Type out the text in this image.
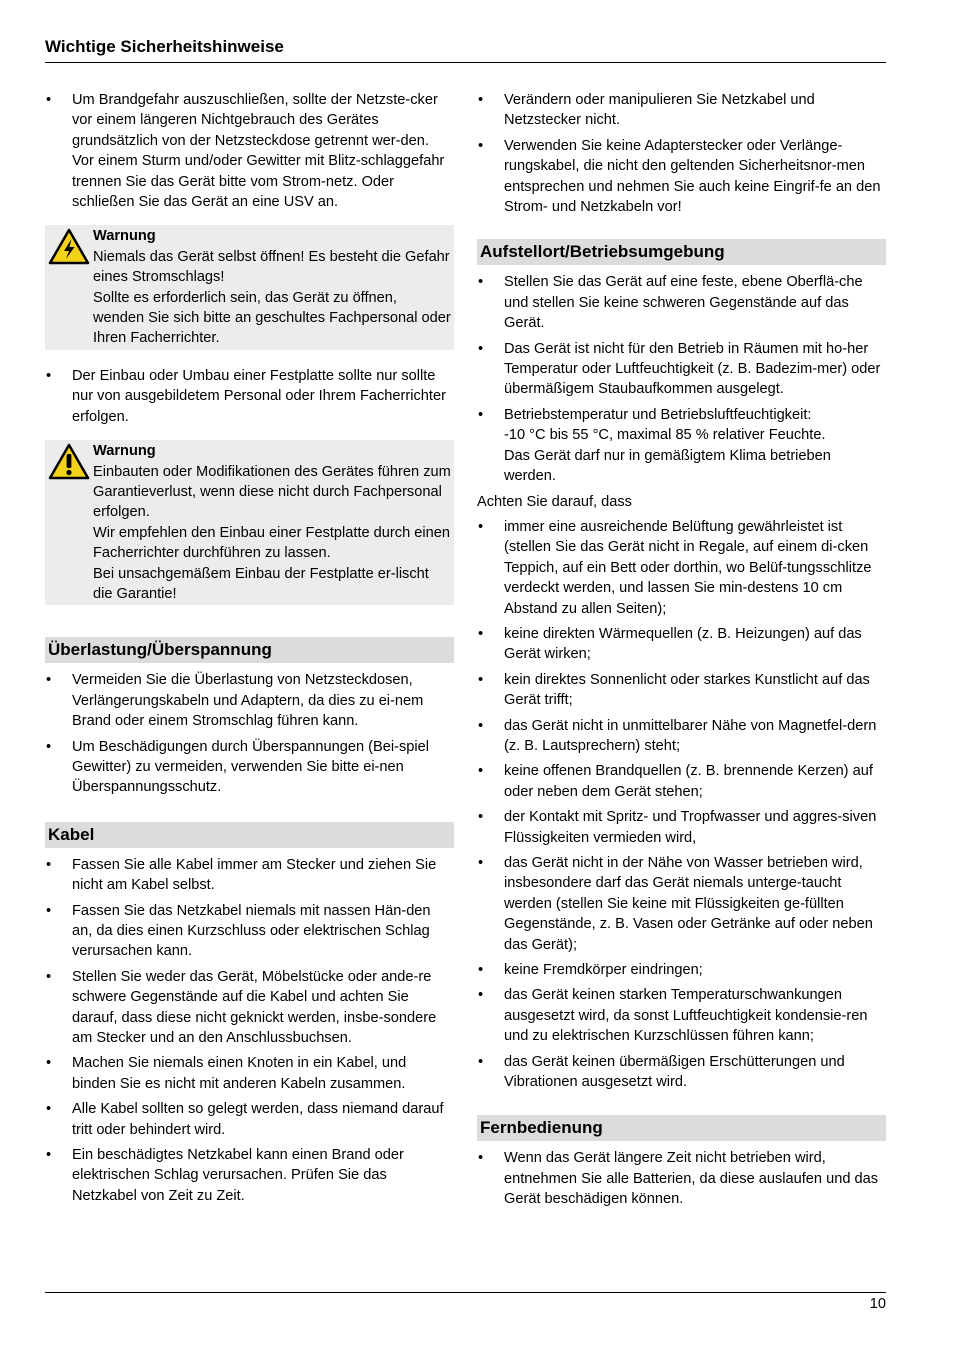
Wichtige Sicherheitshinweise
• Um Brandgefahr auszuschließen, sollte der Netzste-cker vor einem längeren Nichtgebrauch des Gerätes grundsätzlich von der Netzsteckdose getrennt wer-den. Vor einem Sturm und/oder Gewitter mit Blitz-schlaggefahr trennen Sie das Gerät bitte vom Strom-netz. Oder schließen Sie das Gerät an eine USV an.
Warnung
Niemals das Gerät selbst öffnen! Es besteht die Gefahr eines Stromschlags!
Sollte es erforderlich sein, das Gerät zu öffnen, wenden Sie sich bitte an geschultes Fachpersonal oder Ihren Facherrichter.
• Der Einbau oder Umbau einer Festplatte sollte nur sollte nur von ausgebildetem Personal oder Ihrem Facherrichter erfolgen.
Warnung
Einbauten oder Modifikationen des Gerätes führen zum Garantieverlust, wenn diese nicht durch Fachpersonal erfolgen.
Wir empfehlen den Einbau einer Festplatte durch einen Facherrichter durchführen zu lassen.
Bei unsachgemäßem Einbau der Festplatte er-lischt die Garantie!
Überlastung/Überspannung
• Vermeiden Sie die Überlastung von Netzsteckdosen, Verlängerungskabeln und Adaptern, da dies zu ei-nem Brand oder einem Stromschlag führen kann.
• Um Beschädigungen durch Überspannungen (Bei-spiel Gewitter) zu vermeiden, verwenden Sie bitte ei-nen Überspannungsschutz.
Kabel
• Fassen Sie alle Kabel immer am Stecker und ziehen Sie nicht am Kabel selbst.
• Fassen Sie das Netzkabel niemals mit nassen Hän-den an, da dies einen Kurzschluss oder elektrischen Schlag verursachen kann.
• Stellen Sie weder das Gerät, Möbelstücke oder ande-re schwere Gegenstände auf die Kabel und achten Sie darauf, dass diese nicht geknickt werden, insbe-sondere am Stecker und an den Anschlussbuchsen.
• Machen Sie niemals einen Knoten in ein Kabel, und binden Sie es nicht mit anderen Kabeln zusammen.
• Alle Kabel sollten so gelegt werden, dass niemand darauf tritt oder behindert wird.
• Ein beschädigtes Netzkabel kann einen Brand oder elektrischen Schlag verursachen. Prüfen Sie das Netzkabel von Zeit zu Zeit.
• Verändern oder manipulieren Sie Netzkabel und Netzstecker nicht.
• Verwenden Sie keine Adapterstecker oder Verlänge-rungskabel, die nicht den geltenden Sicherheitsnor-men entsprechen und nehmen Sie auch keine Eingrif-fe an den Strom- und Netzkabeln vor!
Aufstellort/Betriebsumgebung
• Stellen Sie das Gerät auf eine feste, ebene Oberflä-che und stellen Sie keine schweren Gegenstände auf das Gerät.
• Das Gerät ist nicht für den Betrieb in Räumen mit ho-her Temperatur oder Luftfeuchtigkeit (z. B. Badezim-mer) oder übermäßigem Staubaufkommen ausgelegt.
• Betriebstemperatur und Betriebsluftfeuchtigkeit:
-10 °C bis 55 °C, maximal 85 % relativer Feuchte.
Das Gerät darf nur in gemäßigtem Klima betrieben werden.

Achten Sie darauf, dass

• immer eine ausreichende Belüftung gewährleistet ist (stellen Sie das Gerät nicht in Regale, auf einem di-cken Teppich, auf ein Bett oder dorthin, wo Belüf-tungsschlitze verdeckt werden, und lassen Sie min-destens 10 cm Abstand zu allen Seiten);
• keine direkten Wärmequellen (z. B. Heizungen) auf das Gerät wirken;
• kein direktes Sonnenlicht oder starkes Kunstlicht auf das Gerät trifft;
• das Gerät nicht in unmittelbarer Nähe von Magnetfel-dern (z. B. Lautsprechern) steht;
• keine offenen Brandquellen (z. B. brennende Kerzen) auf oder neben dem Gerät stehen;
• der Kontakt mit Spritz- und Tropfwasser und aggres-siven Flüssigkeiten vermieden wird,
• das Gerät nicht in der Nähe von Wasser betrieben wird, insbesondere darf das Gerät niemals unterge-taucht werden (stellen Sie keine mit Flüssigkeiten ge-füllten Gegenstände, z. B. Vasen oder Getränke auf oder neben das Gerät);
• keine Fremdkörper eindringen;
• das Gerät keinen starken Temperaturschwankungen ausgesetzt wird, da sonst Luftfeuchtigkeit kondensie-ren und zu elektrischen Kurzschlüssen führen kann;
• das Gerät keinen übermäßigen Erschütterungen und Vibrationen ausgesetzt wird.
Fernbedienung
• Wenn das Gerät längere Zeit nicht betrieben wird, entnehmen Sie alle Batterien, da diese auslaufen und das Gerät beschädigen können.
10
